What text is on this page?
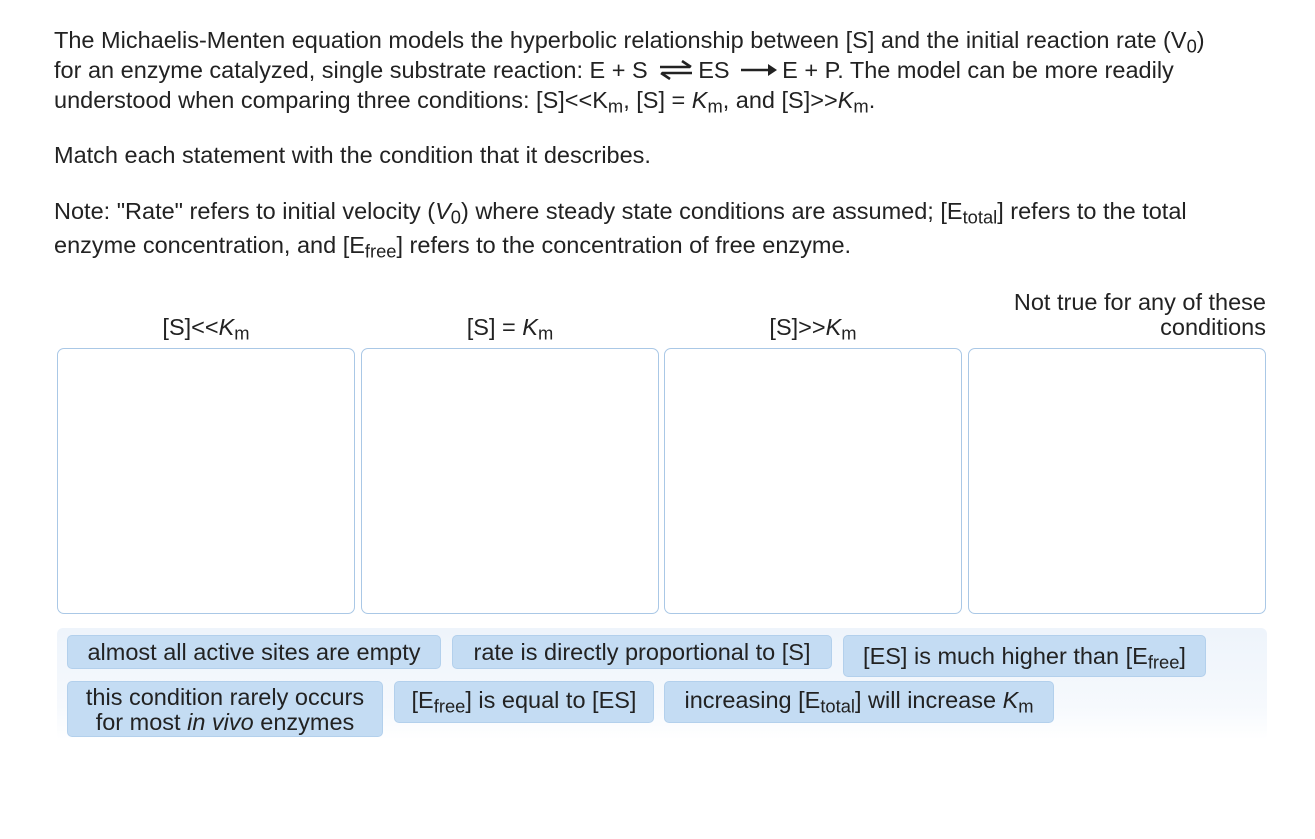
The Michaelis-Menten equation models the hyperbolic relationship between [S] and the initial reaction rate $(V_0)$
for an enzyme catalyzed, single substrate reaction: E + S ⇌ ES E + P. The model can be more readily
understood when comparing three conditions: $[S]<<K_m$, $[S] = K_m$, and $[S]>>K_m$.
Match each statement with the condition that it describes.
Note: "Rate" refers to initial velocity $(V_0)$ where steady state conditions are assumed; $[E_{total}]$ refers to the total
enzyme concentration, and $[E_{free}]$ refers to the concentration of free enzyme.
$[S]<<K_m$	$[S] = K_m$	$[S]>>K_m$
Not true for any of these
conditions
almost all active sites are empty	rate is directly proportional to [S]	[ES] is much higher than $[E_{free}]$
this condition rarely occurs
for most in vivo enzymes
$[E_{free}]$ is equal to [ES]	increasing $[E_{total}]$ will increase $K_m$
